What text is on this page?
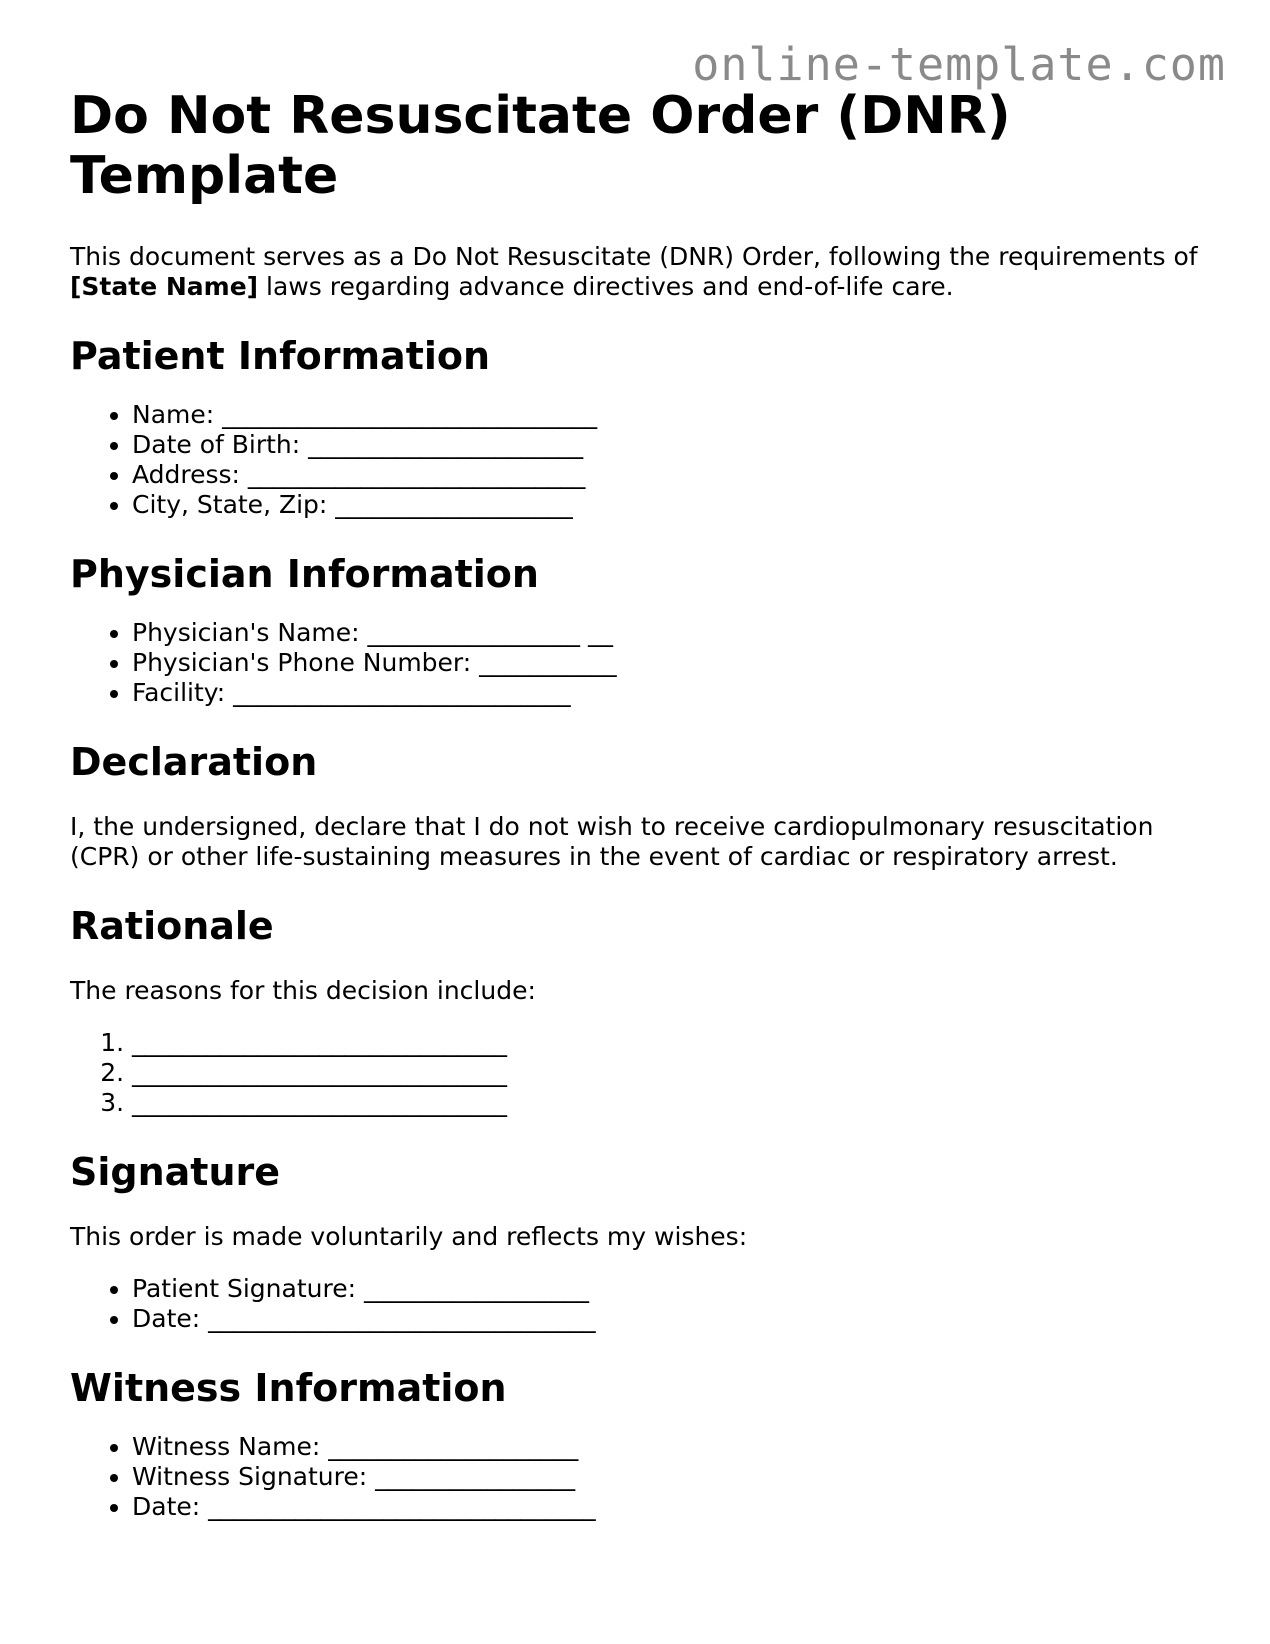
online-template.com
Do Not Resuscitate Order (DNR) Template

This document serves as a Do Not Resuscitate (DNR) Order, following the requirements of [State Name] laws regarding advance directives and end-of-life care.

Patient Information
• Name: ______________________________
• Date of Birth: ______________________
• Address: ___________________________
• City, State, Zip: ___________________
Physician Information
• Physician's Name: _________________ __
• Physician's Phone Number: ___________
• Facility: ___________________________
Declaration

I, the undersigned, declare that I do not wish to receive cardiopulmonary resuscitation (CPR) or other life-sustaining measures in the event of cardiac or respiratory arrest.

Rationale

The reasons for this decision include:

1. ______________________________
2. ______________________________
3. ______________________________
Signature

This order is made voluntarily and reflects my wishes:

• Patient Signature: __________________
• Date: _______________________________
Witness Information
• Witness Name: ____________________
• Witness Signature: ________________
• Date: _______________________________
